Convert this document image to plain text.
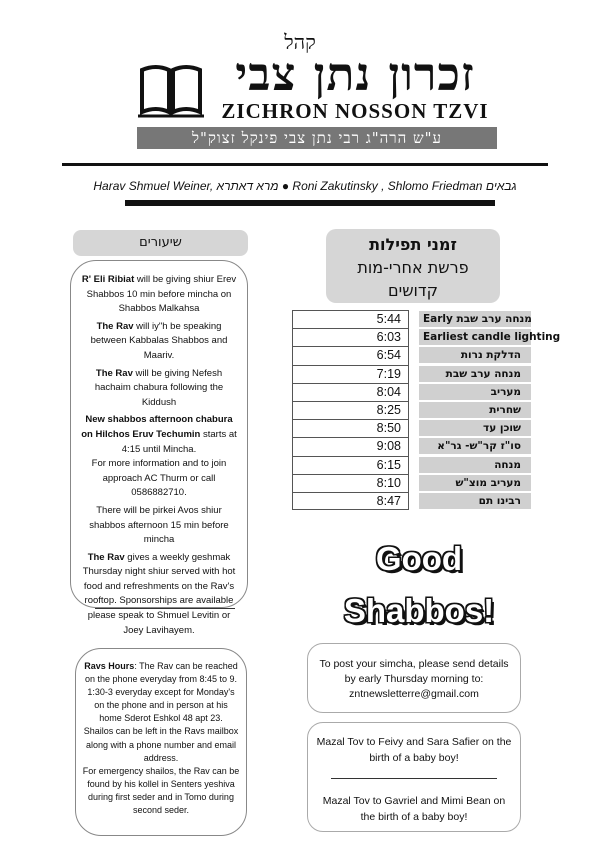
קהל
זכרון נתן צבי
ZICHRON NOSSON TZVI
ע"ש הרה"ג רבי נתן צבי פינקל זצוק"ל
Harav Shmuel Weiner, מרא דאתרא ● Roni Zakutinsky , Shlomo Friedman גבאים
שיעורים

R' Eli Ribiat will be giving shiur Erev Shabbos 10 min before mincha on Shabbos Malkahsa

The Rav will iy"h be speaking between Kabbalas Shabbos and Maariv.

The Rav will be giving Nefesh hachaim chabura following the Kiddush

New shabbos afternoon chabura on Hilchos Eruv Techumin starts at 4:15 until Mincha.

For more information and to join approach AC Thurm or call 0586882710.

There will be pirkei Avos shiur shabbos afternoon 15 min before mincha

The Rav gives a weekly geshmak Thursday night shiur served with hot food and refreshments on the Rav's rooftop. Sponsorships are available please speak to Shmuel Levitin or Joey Lavihayem.

Ravs Hours: The Rav can be reached on the phone everyday from 8:45 to 9.
1:30-3 everyday except for Monday's on the phone and in person at his home Sderot Eshkol 48 apt 23.
Shailos can be left in the Ravs mailbox along with a phone number and email address.
For emergency shailos, the Rav can be found by his kollel in Senters yeshiva during first seder and in Tomo during second seder.
זמני תפילות
פרשת אחרי-מות
קדושים
5:44	Early מנחה ערב שבת
6:03	Earliest candle lighting
6:54	הדלקת נרות
7:19	מנחה ערב שבת
8:04	מעריב
8:25	שחרית
8:50	שוכן עד
9:08	סו"ז קר"ש- גר"א
6:15	מנחה
8:10	מעריב מוצ"ש
8:47	רבינו תם
Good
Shabbos!
To post your simcha, please send details by early Thursday morning to: zntnewsletterre@gmail.com
Mazal Tov to Feivy and Sara Safier on the birth of a baby boy!
Mazal Tov to Gavriel and Mimi Bean on the birth of a baby boy!
